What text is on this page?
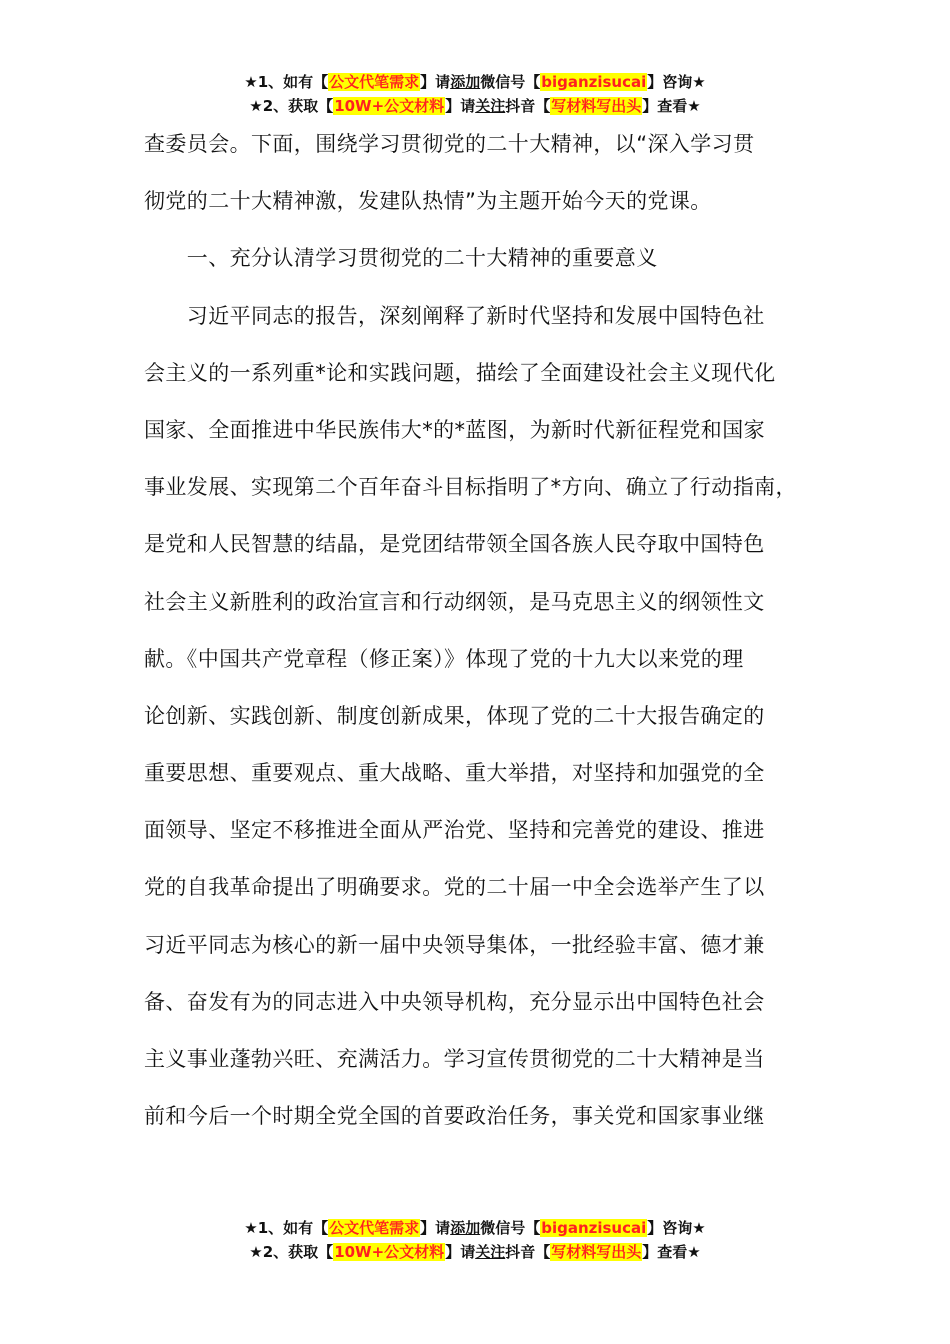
★1、如有【公文代笔需求】请添加微信号【biganzisucai】咨询★
★2、获取【10W+公文材料】请关注抖音【写材料写出头】查看★
查委员会。下面，围绕学习贯彻党的二十大精神，以“深入学习贯
彻党的二十大精神激，发建队热情”为主题开始今天的党课。
　　一、充分认清学习贯彻党的二十大精神的重要意义
　　习近平同志的报告，深刻阐释了新时代坚持和发展中国特色社
会主义的一系列重*论和实践问题，描绘了全面建设社会主义现代化
国家、全面推进中华民族伟大*的*蓝图，为新时代新征程党和国家
事业发展、实现第二个百年奋斗目标指明了*方向、确立了行动指南，
是党和人民智慧的结晶，是党团结带领全国各族人民夺取中国特色
社会主义新胜利的政治宣言和行动纲领，是马克思主义的纲领性文
献。《中国共产党章程（修正案）》体现了党的十九大以来党的理
论创新、实践创新、制度创新成果，体现了党的二十大报告确定的
重要思想、重要观点、重大战略、重大举措，对坚持和加强党的全
面领导、坚定不移推进全面从严治党、坚持和完善党的建设、推进
党的自我革命提出了明确要求。党的二十届一中全会选举产生了以
习近平同志为核心的新一届中央领导集体，一批经验丰富、德才兼
备、奋发有为的同志进入中央领导机构，充分显示出中国特色社会
主义事业蓬勃兴旺、充满活力。学习宣传贯彻党的二十大精神是当
前和今后一个时期全党全国的首要政治任务，事关党和国家事业继
★1、如有【公文代笔需求】请添加微信号【biganzisucai】咨询★
★2、获取【10W+公文材料】请关注抖音【写材料写出头】查看★
